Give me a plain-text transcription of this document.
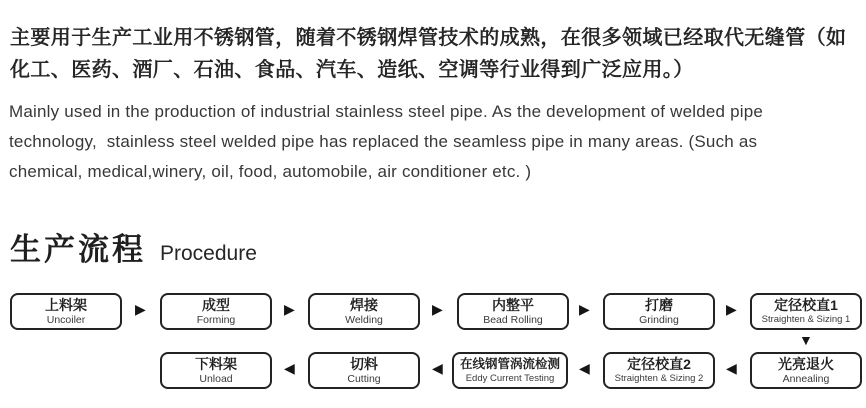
主要用于生产工业用不锈钢管，随着不锈钢焊管技术的成熟，在很多领域已经取代无缝管（如
化工、医药、酒厂、石油、食品、汽车、造纸、空调等行业得到广泛应用。）
Mainly used in the production of industrial stainless steel pipe. As the development of welded pipe
technology,  stainless steel welded pipe has replaced the seamless pipe in many areas. (Such as
chemical, medical,winery, oil, food, automobile, air conditioner etc. )
生产流程 Procedure
上料架
Uncoiler
▶	成型
Forming
▶	焊接
Welding
▶	内整平
Bead Rolling
▶	打磨
Grinding
▶	定径校直1
Straighten & Sizing 1
▼
下料架
Unload
◀	切料
Cutting
◀ 在线钢管涡流检测
Eddy Current Testing
◀	定径校直2
Straighten & Sizing 2
◀	光亮退火
Annealing
